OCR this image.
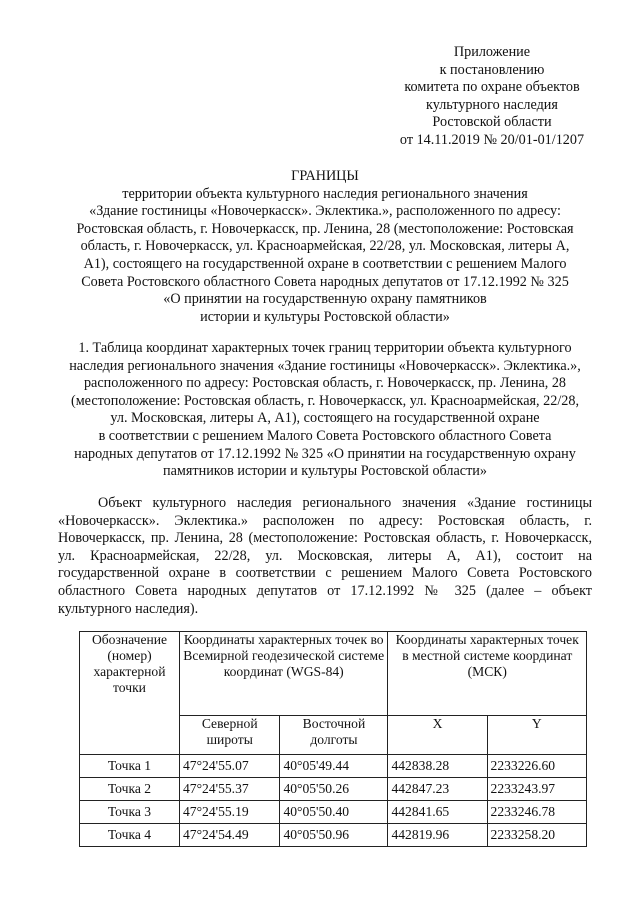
Приложение
к постановлению
комитета по охране объектов
культурного наследия
Ростовской области
от 14.11.2019 № 20/01-01/1207
ГРАНИЦЫ
территории объекта культурного наследия регионального значения
«Здание гостиницы «Новочеркасск». Эклектика.», расположенного по адресу:
Ростовская область, г. Новочеркасск, пр. Ленина, 28 (местоположение: Ростовская
область, г. Новочеркасск, ул. Красноармейская, 22/28, ул. Московская, литеры А,
А1), состоящего на государственной охране в соответствии с решением Малого
Совета Ростовского областного Совета народных депутатов от 17.12.1992 № 325
«О принятии на государственную охрану памятников
истории и культуры Ростовской области»
1. Таблица координат характерных точек границ территории объекта культурного
наследия регионального значения «Здание гостиницы «Новочеркасск». Эклектика.»,
расположенного по адресу: Ростовская область, г. Новочеркасск, пр. Ленина, 28
(местоположение: Ростовская область, г. Новочеркасск, ул. Красноармейская, 22/28,
ул. Московская, литеры А, А1), состоящего на государственной охране
в соответствии с решением Малого Совета Ростовского областного Совета
народных депутатов от 17.12.1992 № 325 «О принятии на государственную охрану
памятников истории и культуры Ростовской области»
Объект культурного наследия регионального значения «Здание гостиницы «Новочеркасск». Эклектика.» расположен по адресу: Ростовская область, г. Новочеркасск, пр. Ленина, 28 (местоположение: Ростовская область, г. Новочеркасск, ул. Красноармейская, 22/28, ул. Московская, литеры А, А1), состоит на государственной охране в соответствии с решением Малого Совета Ростовского областного Совета народных депутатов от 17.12.1992 № 325 (далее – объект культурного наследия).
Обозначение (номер) характерной точки	Координаты характерных точек во Всемирной геодезической системе координат (WGS-84)		Координаты характерных точек в местной системе координат (МСК)	
	Северной широты	Восточной долготы	X	Y
Точка 1	47°24'55.07	40°05'49.44	442838.28	2233226.60
Точка 2	47°24'55.37	40°05'50.26	442847.23	2233243.97
Точка 3	47°24'55.19	40°05'50.40	442841.65	2233246.78
Точка 4	47°24'54.49	40°05'50.96	442819.96	2233258.20
